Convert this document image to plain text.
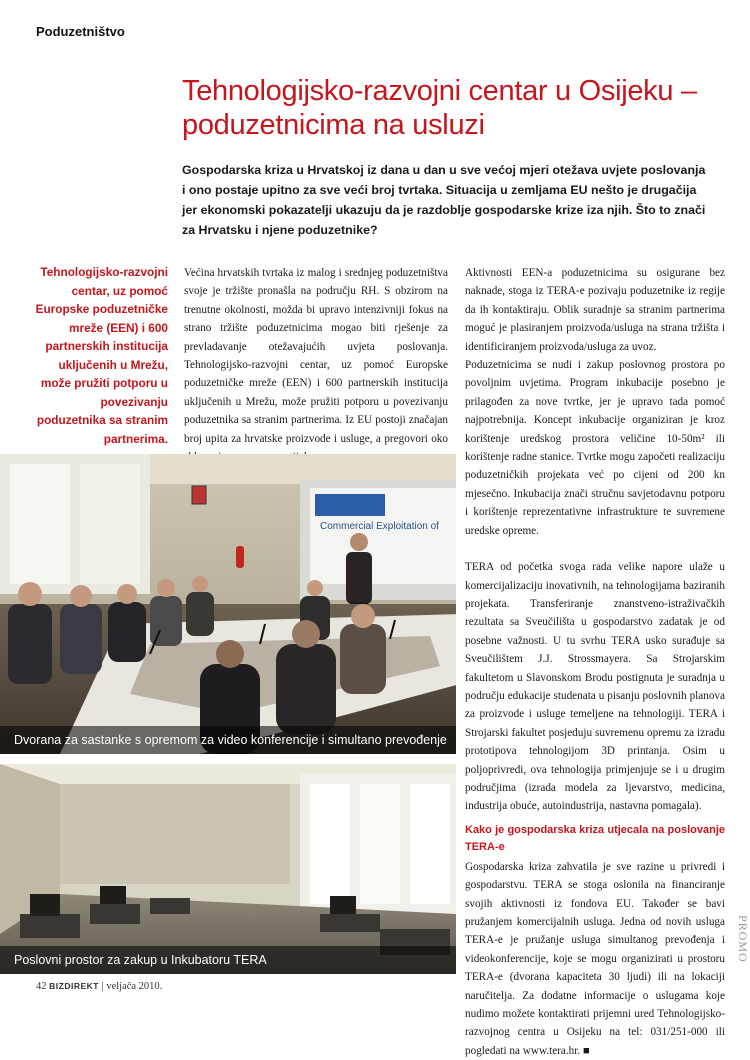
Poduzetništvo
Tehnologijsko-razvojni centar u Osijeku – poduzetnicima na usluzi

Gospodarska kriza u Hrvatskoj iz dana u dan u sve većoj mjeri otežava uvjete poslovanja i ono postaje upitno za sve veći broj tvrtaka. Situacija u zemljama EU nešto je drugačija jer ekonomski pokazatelji ukazuju da je razdoblje gospodarske krize iza njih. Što to znači za Hrvatsku i njene poduzetnike?

Tehnologijsko-razvojni centar, uz pomoć Europske poduzetničke mreže (EEN) i 600 partnerskih institucija uključenih u Mrežu, može pružiti potporu u povezivanju poduzetnika sa stranim partnerima.

Većina hrvatskih tvrtaka iz malog i srednjeg poduzetništva svoje je tržište pronašla na području RH. S obzirom na trenutne okolnosti, možda bi upravo intenzivniji fokus na strano tržište poduzetnicima mogao biti rješenje za prevladavanje otežavajućih uvjeta poslovanja. Tehnologijsko-razvojni centar, uz pomoć Europske poduzetničke mreže (EEN) i 600 partnerskih institucija uključenih u Mrežu, može pružiti potporu u povezivanju poduzetnika sa stranim partnerima. Iz EU postoji značajan broj upita za hrvatske proizvode i usluge, a pregovori oko

Aktivnosti EEN-a poduzetnicima su osigurane bez naknade, stoga iz TERA-e pozivaju poduzetnike iz regije da ih kontaktiraju. Oblik suradnje sa stranim partnerima moguć je plasiranjem proizvoda/usluga na strana tržišta i identificiranjem proizvoda/usluga za uvoz.

Poduzetnicima se nudi i zakup poslovnog prostora po povoljnim uvjetima. Program inkubacije posebno je prilagođen za nove tvrtke, jer je upravo tada pomoć najpotrebnija. Koncept inkubacije organiziran je kroz korištenje uredskog prostora veličine 10-50m² ili korištenje radne stanice. Tvrtke mogu započeti realizaciju poduzetničkih projekata već po cijeni od 200 kn mjesečno. Inkubacija znači stručnu savjetodavnu potporu i korištenje reprezentativne infrastrukture te suvremene uredske opreme.

TERA od početka svoga rada velike napore ulaže u komercijalizaciju inovativnih, na tehnologijama baziranih projekata. Transferiranje znanstveno-istraživačkih rezultata sa Sveučilišta u gospodarstvo zadatak je od posebne važnosti. U tu svrhu TERA usko surađuje sa Sveučilištem J.J. Strossmayera. Sa Strojarskim fakultetom u Slavonskom Brodu postignuta je suradnja u području edukacije studenata u pisanju poslovnih planova za proizvode i usluge temeljene na tehnologiji. TERA i Strojarski fakultet posjeduju suvremenu opremu za izradu prototipova tehnologijom 3D printanja. Osim u poljoprivredi, ova tehnologija primjenjuje se i u drugim područjima (izrada modela za ljevarstvo, medicina, industrija obuće, autoindustrija, nastavna pomagala).

Kako je gospodarska kriza utjecala na poslovanje TERA-e

Gospodarska kriza zahvatila je sve razine u privredi i gospodarstvu. TERA se stoga oslonila na financiranje svojih aktivnosti iz fondova EU. Također se bavi pružanjem komercijalnih usluga. Jedna od novih usluga TERA-e je pružanje usluga simultanog prevođenja i videokonferencije, koje se mogu organizirati u prostoru TERA-e (dvorana kapaciteta 30 ljudi) ili na lokaciji naručitelja. Za dodatne informacije o uslugama koje nudimo možete kontaktirati prijemni ured Tehnologijsko-razvojnog centra u Osijeku na tel: 031/251-000 ili pogledati na www.tera.hr. ■

Commercial Exploitation of
Dvorana za sastanke s opremom za video konferencije i simultano prevođenje
Poslovni prostor za zakup u Inkubatoru TERA	PROMO
42 BIZDIREKT | veljača 2010.
